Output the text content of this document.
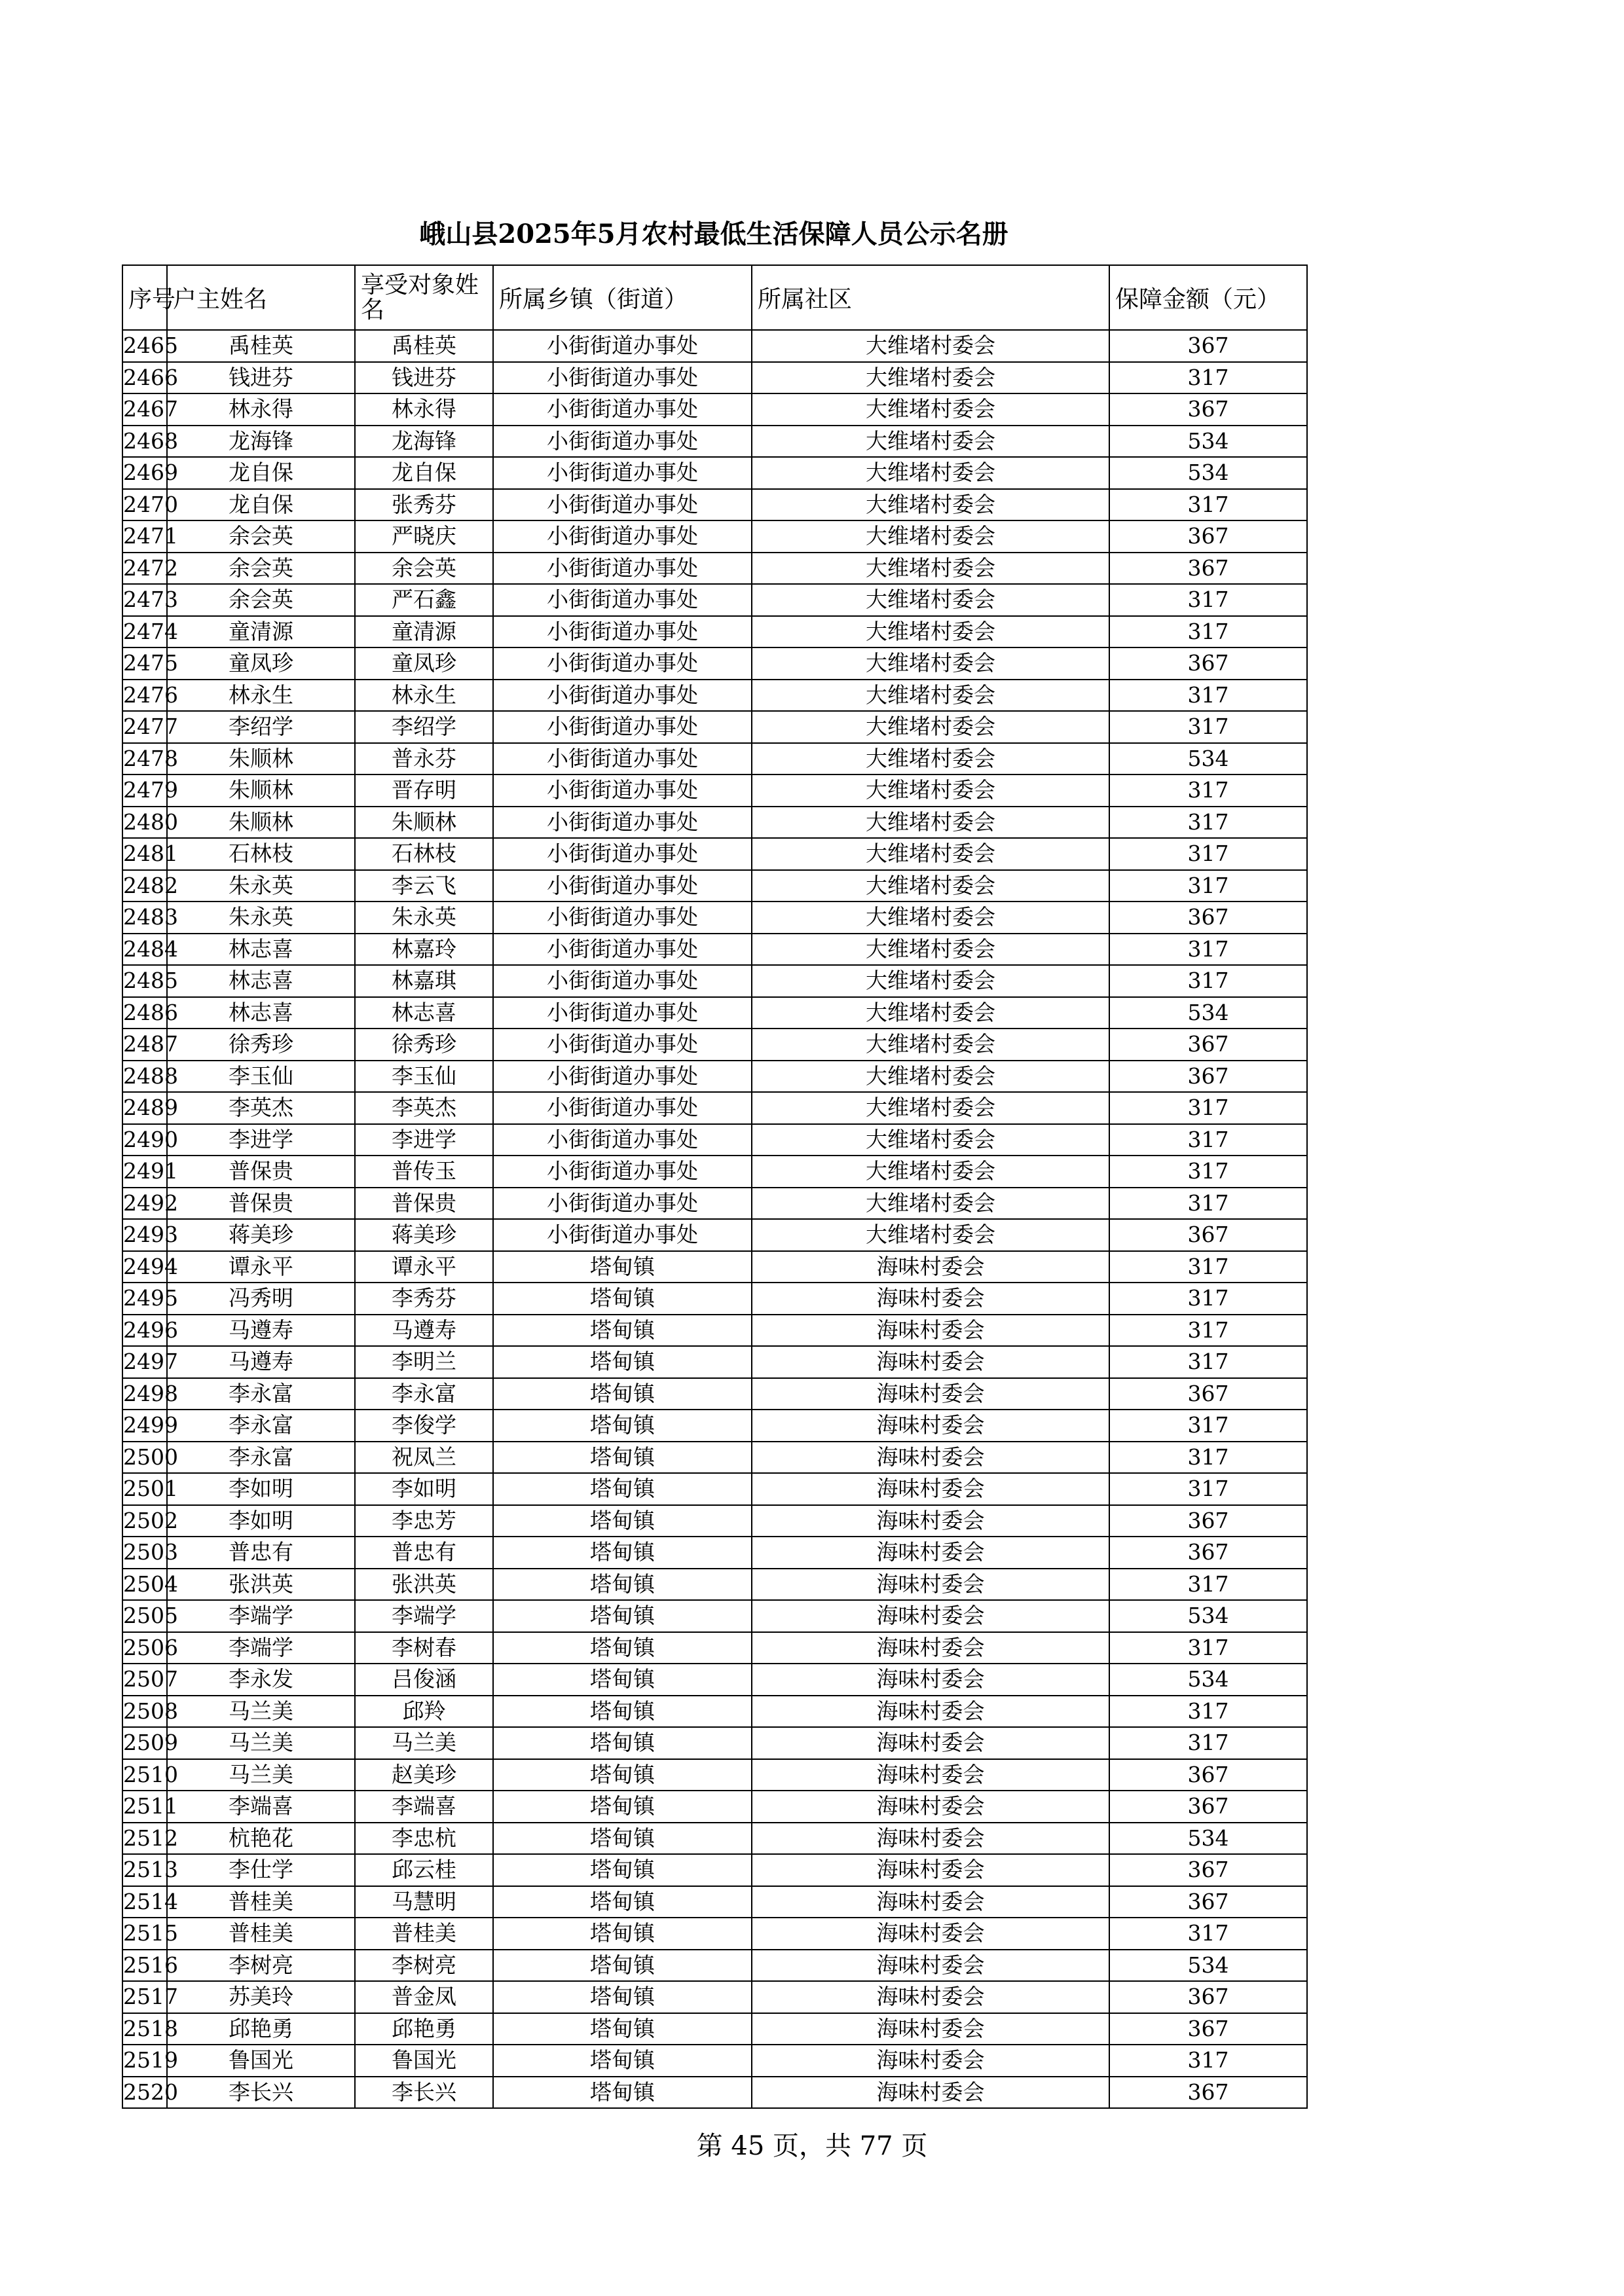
峨山县2025年5月农村最低生活保障人员公示名册
序号	户主姓名	享受对象姓名	所属乡镇（街道）	所属社区	保障金额（元）
2465	禹桂英	禹桂英	小街街道办事处	大维堵村委会	367
2466	钱进芬	钱进芬	小街街道办事处	大维堵村委会	317
2467	林永得	林永得	小街街道办事处	大维堵村委会	367
2468	龙海锋	龙海锋	小街街道办事处	大维堵村委会	534
2469	龙自保	龙自保	小街街道办事处	大维堵村委会	534
2470	龙自保	张秀芬	小街街道办事处	大维堵村委会	317
2471	余会英	严晓庆	小街街道办事处	大维堵村委会	367
2472	余会英	余会英	小街街道办事处	大维堵村委会	367
2473	余会英	严石鑫	小街街道办事处	大维堵村委会	317
2474	童清源	童清源	小街街道办事处	大维堵村委会	317
2475	童凤珍	童凤珍	小街街道办事处	大维堵村委会	367
2476	林永生	林永生	小街街道办事处	大维堵村委会	317
2477	李绍学	李绍学	小街街道办事处	大维堵村委会	317
2478	朱顺林	普永芬	小街街道办事处	大维堵村委会	534
2479	朱顺林	晋存明	小街街道办事处	大维堵村委会	317
2480	朱顺林	朱顺林	小街街道办事处	大维堵村委会	317
2481	石林枝	石林枝	小街街道办事处	大维堵村委会	317
2482	朱永英	李云飞	小街街道办事处	大维堵村委会	317
2483	朱永英	朱永英	小街街道办事处	大维堵村委会	367
2484	林志喜	林嘉玲	小街街道办事处	大维堵村委会	317
2485	林志喜	林嘉琪	小街街道办事处	大维堵村委会	317
2486	林志喜	林志喜	小街街道办事处	大维堵村委会	534
2487	徐秀珍	徐秀珍	小街街道办事处	大维堵村委会	367
2488	李玉仙	李玉仙	小街街道办事处	大维堵村委会	367
2489	李英杰	李英杰	小街街道办事处	大维堵村委会	317
2490	李进学	李进学	小街街道办事处	大维堵村委会	317
2491	普保贵	普传玉	小街街道办事处	大维堵村委会	317
2492	普保贵	普保贵	小街街道办事处	大维堵村委会	317
2493	蒋美珍	蒋美珍	小街街道办事处	大维堵村委会	367
2494	谭永平	谭永平	塔甸镇	海味村委会	317
2495	冯秀明	李秀芬	塔甸镇	海味村委会	317
2496	马遵寿	马遵寿	塔甸镇	海味村委会	317
2497	马遵寿	李明兰	塔甸镇	海味村委会	317
2498	李永富	李永富	塔甸镇	海味村委会	367
2499	李永富	李俊学	塔甸镇	海味村委会	317
2500	李永富	祝凤兰	塔甸镇	海味村委会	317
2501	李如明	李如明	塔甸镇	海味村委会	317
2502	李如明	李忠芳	塔甸镇	海味村委会	367
2503	普忠有	普忠有	塔甸镇	海味村委会	367
2504	张洪英	张洪英	塔甸镇	海味村委会	317
2505	李端学	李端学	塔甸镇	海味村委会	534
2506	李端学	李树春	塔甸镇	海味村委会	317
2507	李永发	吕俊涵	塔甸镇	海味村委会	534
2508	马兰美	邱羚	塔甸镇	海味村委会	317
2509	马兰美	马兰美	塔甸镇	海味村委会	317
2510	马兰美	赵美珍	塔甸镇	海味村委会	367
2511	李端喜	李端喜	塔甸镇	海味村委会	367
2512	杭艳花	李忠杭	塔甸镇	海味村委会	534
2513	李仕学	邱云桂	塔甸镇	海味村委会	367
2514	普桂美	马慧明	塔甸镇	海味村委会	367
2515	普桂美	普桂美	塔甸镇	海味村委会	317
2516	李树亮	李树亮	塔甸镇	海味村委会	534
2517	苏美玲	普金凤	塔甸镇	海味村委会	367
2518	邱艳勇	邱艳勇	塔甸镇	海味村委会	367
2519	鲁国光	鲁国光	塔甸镇	海味村委会	317
2520	李长兴	李长兴	塔甸镇	海味村委会	367
第 45 页，共 77 页
